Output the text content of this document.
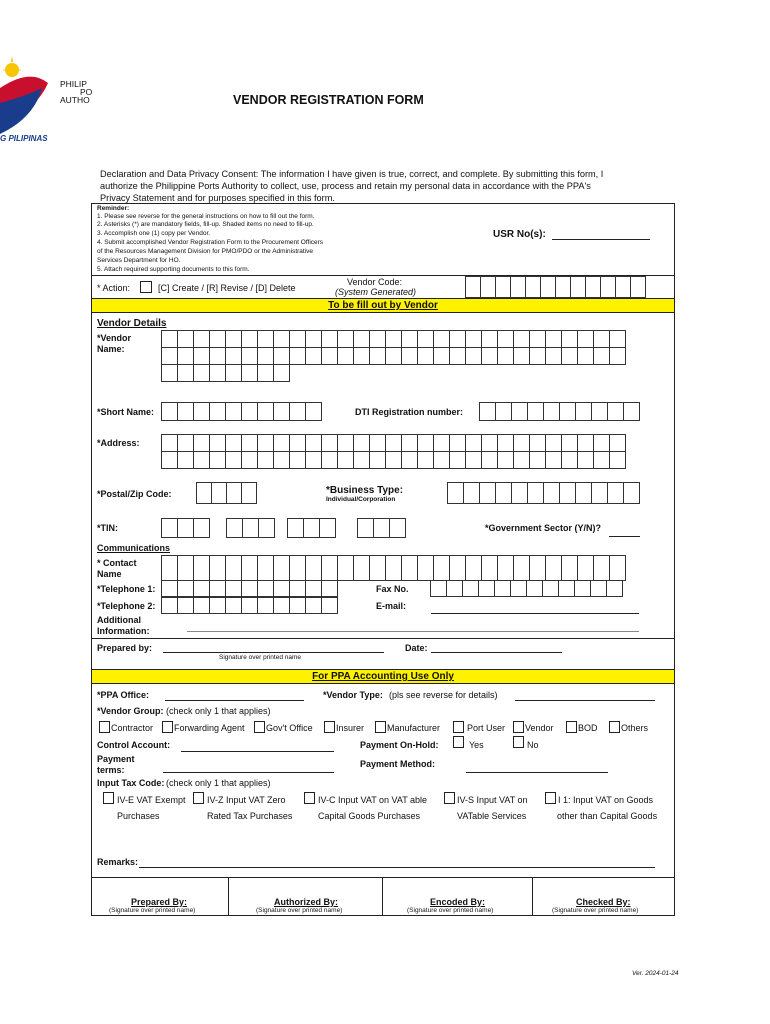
PHILIP
PO
AUTHO
G PILIPINAS
VENDOR REGISTRATION FORM
Declaration and Data Privacy Consent: The information I have given is true, correct, and complete. By submitting this form, I
authorize the Philippine Ports Authority to collect, use, process and retain my personal data in accordance with the PPA's
Privacy Statement and for purposes specified in this form.
Reminder:
1. Please see reverse for the general instructions on how to fill out the form.
2. Asterisks (*) are mandatory fields, fill-up. Shaded items no need to fill-up.
3. Accomplish one (1) copy per Vendor.
4. Submit accomplished Vendor Registration Form to the Procurement Officers
of the Resources Management Division for PMO/PDO or the Administrative
Services Department for HO.
5. Attach required supporting documents to this form.
USR No(s):
* Action:	[C] Create / [R] Revise / [D] Delete
Vendor Code:
(System Generated)
To be fill out by Vendor
Vendor Details
*Vendor
Name:
*Short Name:	DTI Registration number:
*Address:
*Postal/Zip Code:	*Business Type:
Individual/Corporation
*TIN:	*Government Sector (Y/N)?
Communications
* Contact
Name
*Telephone 1:	Fax No.
*Telephone 2:	E-mail:
Additional
Information:
Prepared by:
Signature over printed name
Date:
For PPA Accounting Use Only
*PPA Office:	*Vendor Type: (pls see reverse for details)
*Vendor Group: (check only 1 that applies)
Contractor Forwarding Agent Gov't Office	Insurer	Manufacturer	Port User Vendor	BOD	Others
Control Account:	Payment On-Hold:	Yes	No
Payment
terms:
Payment Method:
Input Tax Code: (check only 1 that applies)
IV-E VAT Exempt
Purchases
IV-Z Input VAT Zero
Rated Tax Purchases
IV-C Input VAT on VAT able
Capital Goods Purchases
IV-S Input VAT on
VATable Services
I 1: Input VAT on Goods
other than Capital Goods
Remarks:
Prepared By:
(Signature over printed name)
Authorized By:
(Signature over printed name)
Encoded By:
(Signature over printed name)
Checked By:
(Signature over printed name)
Ver. 2024-01-24
